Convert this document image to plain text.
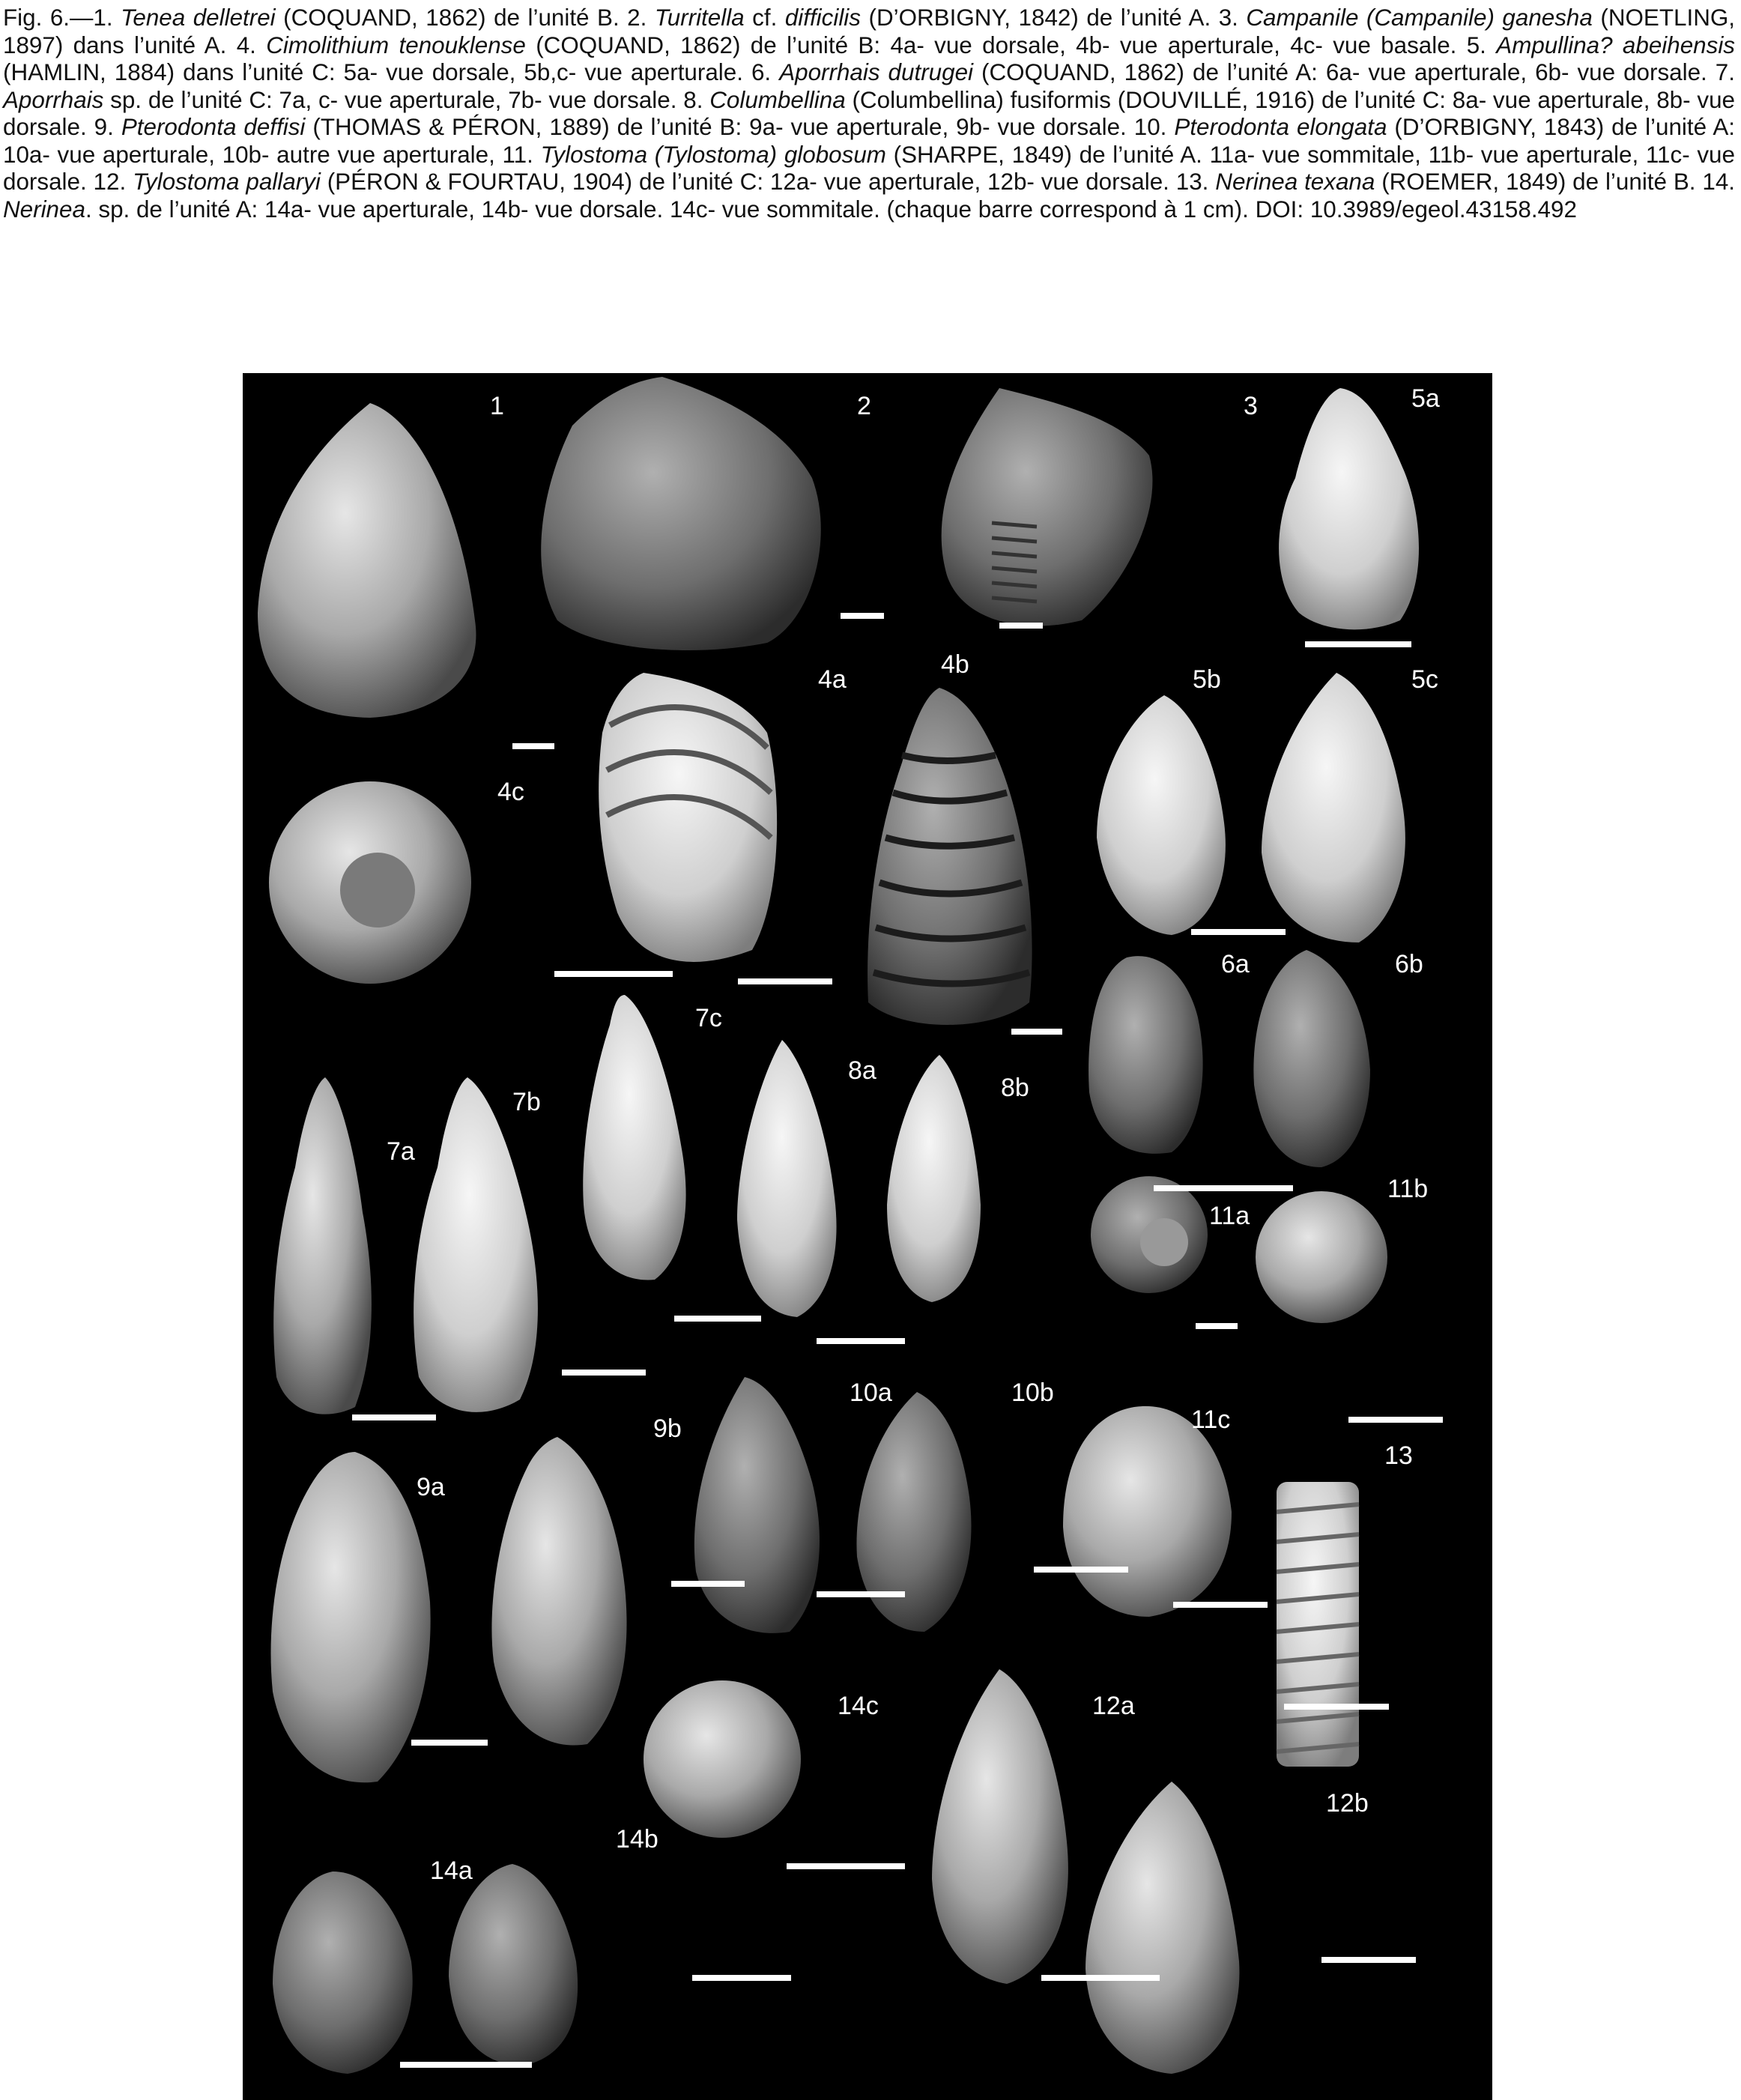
Fig. 6.—1. Tenea delletrei (COQUAND, 1862) de l’unité B. 2. Turritella cf. difficilis (D’ORBIGNY, 1842) de l’unité A. 3. Campanile (Campanile) ganesha (NOETLING, 1897) dans l’unité A. 4. Cimolithium tenouklense (COQUAND, 1862) de l’unité B: 4a- vue dorsale, 4b- vue aperturale, 4c- vue basale. 5. Ampullina? abeihensis (HAMLIN, 1884) dans l’unité C: 5a- vue dorsale, 5b,c- vue aperturale. 6. Aporrhais dutrugei (COQUAND, 1862) de l’unité A: 6a- vue aperturale, 6b- vue dorsale. 7. Aporrhais sp. de l’unité C: 7a, c- vue aperturale, 7b- vue dorsale. 8. Columbellina (Columbellina) fusiformis (DOUVILLÉ, 1916) de l’unité C: 8a- vue aperturale, 8b- vue dorsale. 9. Pterodonta deffisi (THOMAS & PÉRON, 1889) de l’unité B: 9a- vue aperturale, 9b- vue dorsale. 10. Pterodonta elongata (D’ORBIGNY, 1843) de l’unité A: 10a- vue aperturale, 10b- autre vue aperturale, 11. Tylostoma (Tylostoma) globosum (SHARPE, 1849) de l’unité A. 11a- vue sommitale, 11b- vue aperturale, 11c- vue dorsale. 12. Tylostoma pallaryi (PÉRON & FOURTAU, 1904) de l’unité C: 12a- vue aperturale, 12b- vue dorsale. 13. Nerinea texana (ROEMER, 1849) de l’unité B. 14. Nerinea. sp. de l’unité A: 14a- vue aperturale, 14b- vue dorsale. 14c- vue sommitale. (chaque barre correspond à 1 cm). DOI: 10.3989/egeol.43158.492

1	2	3	5a
4a
4b
5b	5c
4c
6a	6b
7c
8a
8b
7b
7a
11a
11b
10a	10b
9b	11c
13
9a
14c	12a
12b
14b
14a
